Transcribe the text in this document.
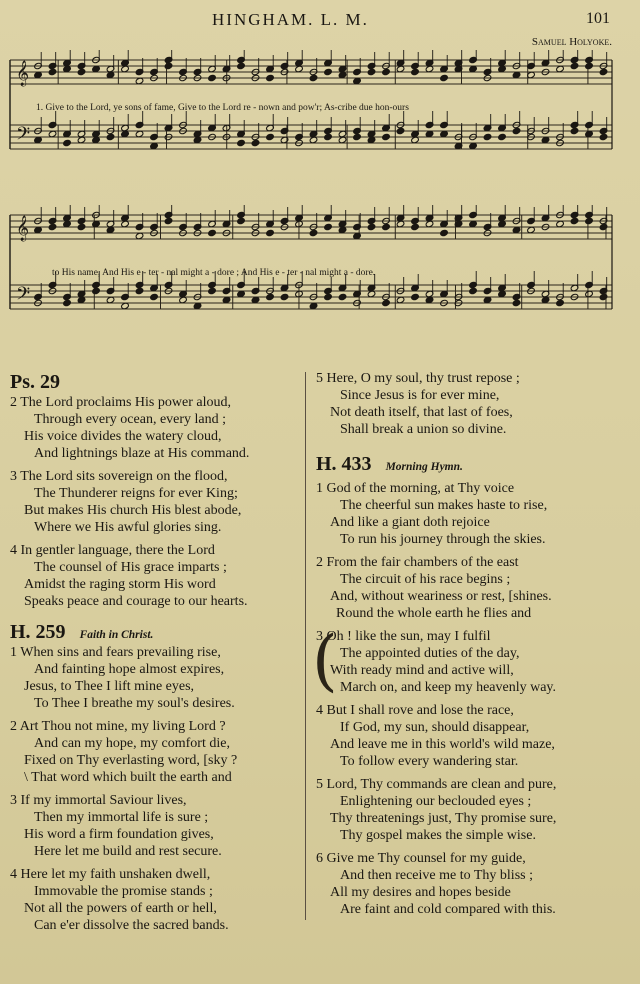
HINGHAM. L. M.	101
Samuel Holyoke.
𝄞
𝄢
1. Give to the Lord, ye sons of fame, Give to the Lord re - nown and pow'r; As-cribe due hon-ours
𝄞
𝄢
to His name, And His e - ter - nal might a - dore ; And His e - ter - nal might a - dore.
Ps. 29
2 The Lord proclaims His power aloud,
Through every ocean, every land ;
His voice divides the watery cloud,
And lightnings blaze at His command.
3 The Lord sits sovereign on the flood,
The Thunderer reigns for ever King;
But makes His church His blest abode,
Where we His awful glories sing.
4 In gentler language, there the Lord
The counsel of His grace imparts ;
Amidst the raging storm His word
Speaks peace and courage to our hearts.
H. 259 Faith in Christ.
1 When sins and fears prevailing rise,
And fainting hope almost expires,
Jesus, to Thee I lift mine eyes,
To Thee I breathe my soul's desires.
2 Art Thou not mine, my living Lord ?
And can my hope, my comfort die,
Fixed on Thy everlasting word, [sky ?
\ That word which built the earth and
3 If my immortal Saviour lives,
Then my immortal life is sure ;
His word a firm foundation gives,
Here let me build and rest secure.
4 Here let my faith unshaken dwell,
Immovable the promise stands ;
Not all the powers of earth or hell,
Can e'er dissolve the sacred bands.
5 Here, O my soul, thy trust repose ;
Since Jesus is for ever mine,
Not death itself, that last of foes,
Shall break a union so divine.
H. 433 Morning Hymn.
1 God of the morning, at Thy voice
The cheerful sun makes haste to rise,
And like a giant doth rejoice
To run his journey through the skies.
2 From the fair chambers of the east
The circuit of his race begins ;
And, without weariness or rest, [shines.
Round the whole earth he flies and
3 Oh ! like the sun, may I fulfil
The appointed duties of the day,
With ready mind and active will,
March on, and keep my heavenly way.
4 But I shall rove and lose the race,
If God, my sun, should disappear,
And leave me in this world's wild maze,
To follow every wandering star.
5 Lord, Thy commands are clean and pure,
Enlightening our beclouded eyes ;
Thy threatenings just, Thy promise sure,
Thy gospel makes the simple wise.
6 Give me Thy counsel for my guide,
And then receive me to Thy bliss ;
All my desires and hopes beside
Are faint and cold compared with this.
(
